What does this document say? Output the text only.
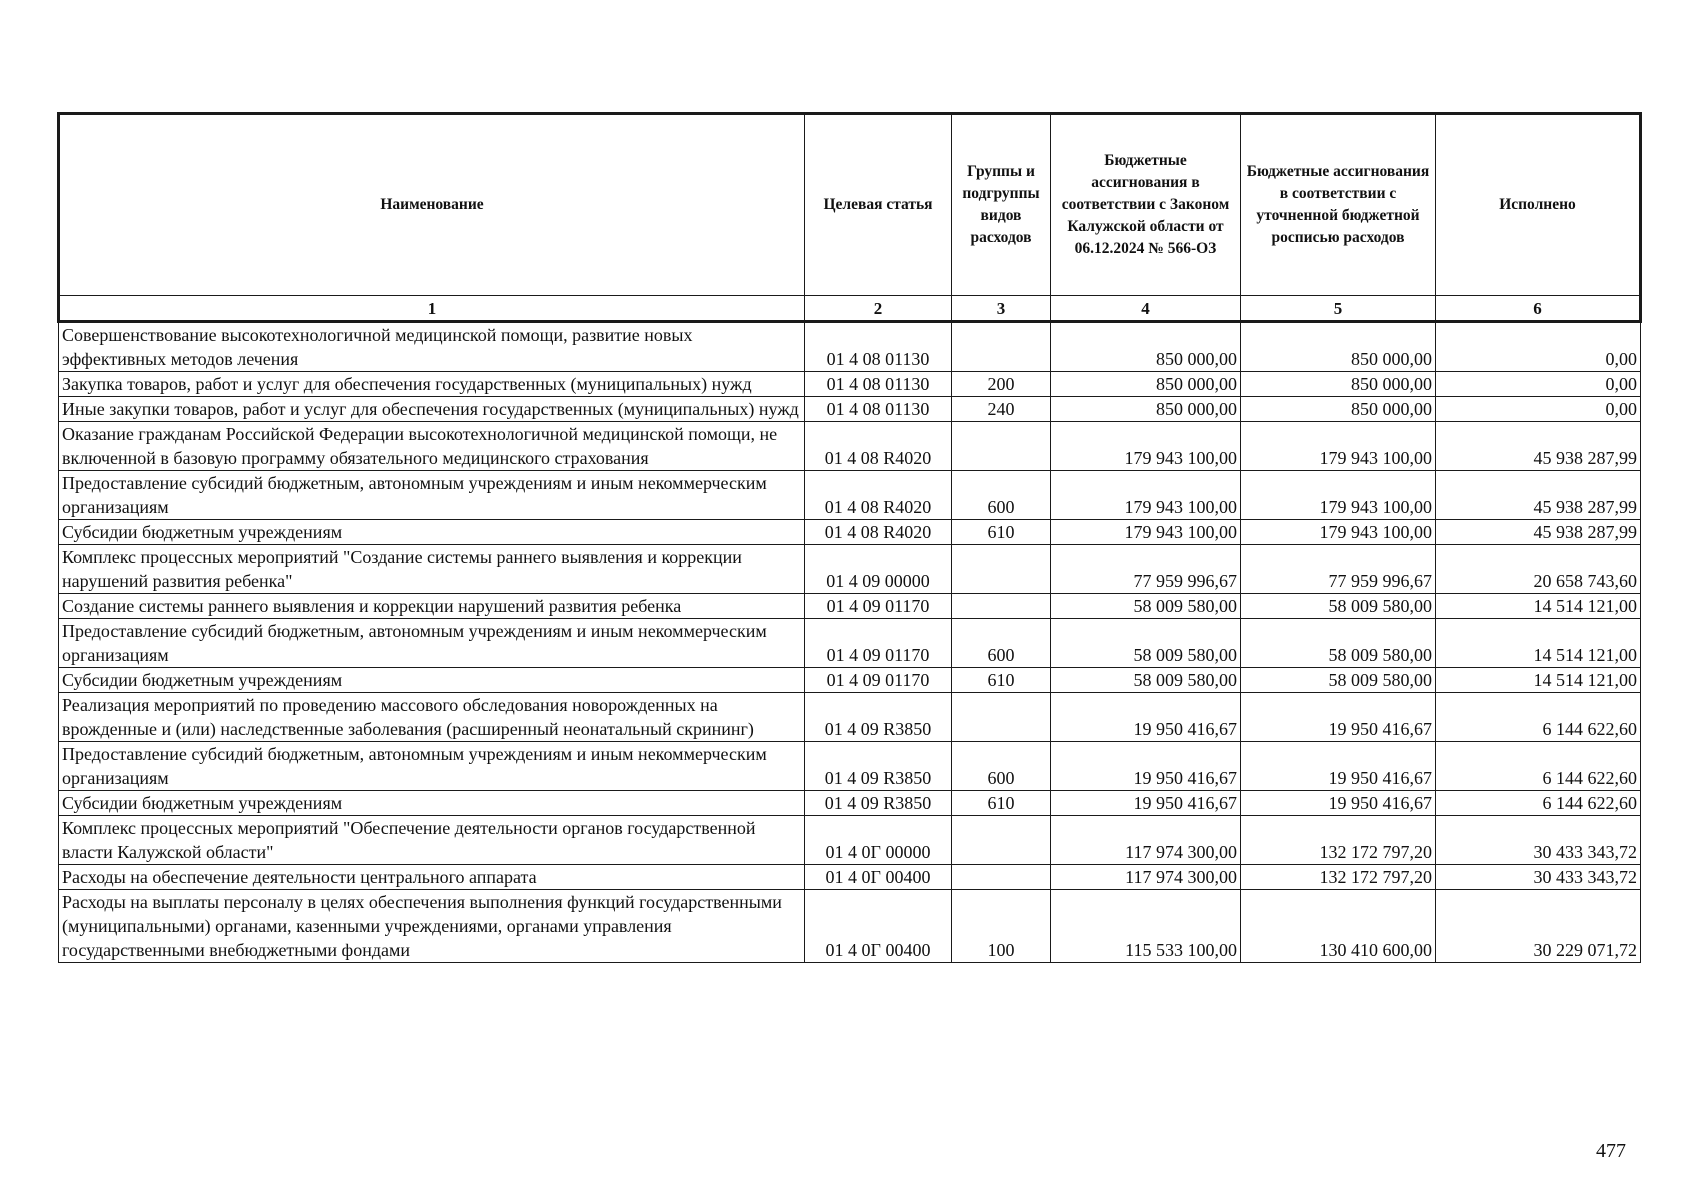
Наименование	Целевая статья	Группы и подгруппы видов расходов	Бюджетные ассигнования в соответствии с Законом Калужской области от 06.12.2024 № 566-ОЗ	Бюджетные ассигнования в соответствии с уточненной бюджетной росписью расходов	Исполнено
1	2	3	4	5	6
Совершенствование высокотехнологичной медицинской помощи, развитие новых эффективных методов лечения	01 4 08 01130		850 000,00	850 000,00	0,00
Закупка товаров, работ и услуг для обеспечения государственных (муниципальных) нужд	01 4 08 01130	200	850 000,00	850 000,00	0,00
Иные закупки товаров, работ и услуг для обеспечения государственных (муниципальных) нужд	01 4 08 01130	240	850 000,00	850 000,00	0,00
Оказание гражданам Российской Федерации высокотехнологичной медицинской помощи, не включенной в базовую программу обязательного медицинского страхования	01 4 08 R4020		179 943 100,00	179 943 100,00	45 938 287,99
Предоставление субсидий бюджетным, автономным учреждениям и иным некоммерческим организациям	01 4 08 R4020	600	179 943 100,00	179 943 100,00	45 938 287,99
Субсидии бюджетным учреждениям	01 4 08 R4020	610	179 943 100,00	179 943 100,00	45 938 287,99
Комплекс процессных мероприятий "Создание системы раннего выявления и коррекции нарушений развития ребенка"	01 4 09 00000		77 959 996,67	77 959 996,67	20 658 743,60
Создание системы раннего выявления и коррекции нарушений развития ребенка	01 4 09 01170		58 009 580,00	58 009 580,00	14 514 121,00
Предоставление субсидий бюджетным, автономным учреждениям и иным некоммерческим организациям	01 4 09 01170	600	58 009 580,00	58 009 580,00	14 514 121,00
Субсидии бюджетным учреждениям	01 4 09 01170	610	58 009 580,00	58 009 580,00	14 514 121,00
Реализация мероприятий по проведению массового обследования новорожденных на врожденные и (или) наследственные заболевания (расширенный неонатальный скрининг)	01 4 09 R3850		19 950 416,67	19 950 416,67	6 144 622,60
Предоставление субсидий бюджетным, автономным учреждениям и иным некоммерческим организациям	01 4 09 R3850	600	19 950 416,67	19 950 416,67	6 144 622,60
Субсидии бюджетным учреждениям	01 4 09 R3850	610	19 950 416,67	19 950 416,67	6 144 622,60
Комплекс процессных мероприятий "Обеспечение деятельности органов государственной власти Калужской области"	01 4 0Г 00000		117 974 300,00	132 172 797,20	30 433 343,72
Расходы на обеспечение деятельности центрального аппарата	01 4 0Г 00400		117 974 300,00	132 172 797,20	30 433 343,72
Расходы на выплаты персоналу в целях обеспечения выполнения функций государственными (муниципальными) органами, казенными учреждениями, органами управления государственными внебюджетными фондами	01 4 0Г 00400	100	115 533 100,00	130 410 600,00	30 229 071,72
477
